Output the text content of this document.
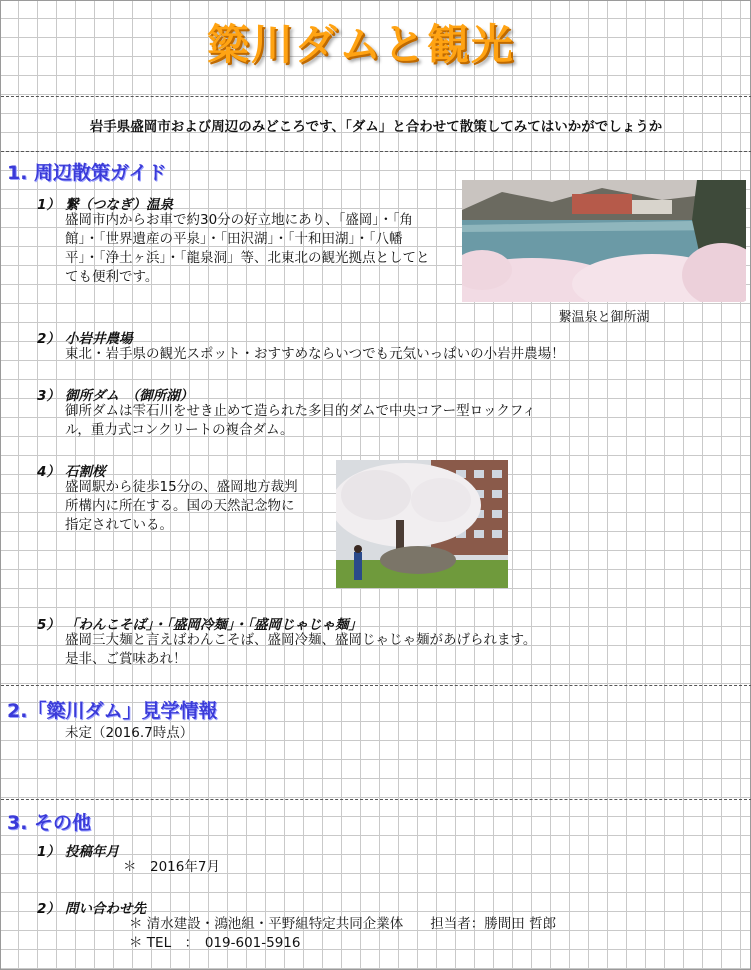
簗川ダムと観光
岩手県盛岡市および周辺のみどころです、「ダム」と合わせて散策してみてはいかがでしょうか
1. 周辺散策ガイド
1） 繋（つなぎ）温泉
盛岡市内からお車で約30分の好立地にあり、「盛岡」・「角
館」・「世界遺産の平泉」・「田沢湖」・「十和田湖」・「八幡
平」・「浄土ヶ浜」・「龍泉洞」等、北東北の観光拠点としてと
ても便利です。
繋温泉と御所湖
2） 小岩井農場
東北・岩手県の観光スポット・おすすめならいつでも元気いっぱいの小岩井農場！
3） 御所ダム　（御所湖）
御所ダムは雫石川をせき止めて造られた多目的ダムで中央コアー型ロックフィ
ル，重力式コンクリートの複合ダム。
4） 石割桜
盛岡駅から徒歩15分の、盛岡地方裁判
所構内に所在する。国の天然記念物に
指定されている。
5） 「わんこそば」・「盛岡冷麺」・「盛岡じゃじゃ麺」
盛岡三大麺と言えばわんこそば、盛岡冷麺、盛岡じゃじゃ麺があげられます。
是非、ご賞味あれ！
2.「簗川ダム」見学情報
未定（2016.7時点）
3. その他
1） 投稿年月
＊　2016年7月
2） 問い合わせ先
＊ 清水建設・鴻池組・平野組特定共同企業体　　担当者：勝間田 哲郎
＊ TEL　：　019-601-5916
